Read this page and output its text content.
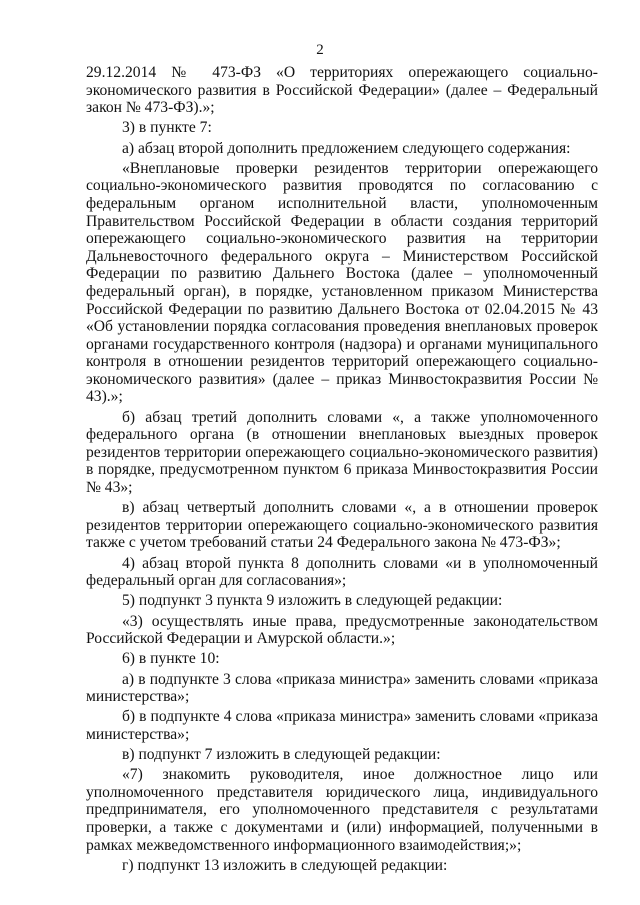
2

29.12.2014 № 473-ФЗ «О территориях опережающего социально-экономического развития в Российской Федерации» (далее – Федеральный закон № 473-ФЗ).»;

3) в пункте 7:

а) абзац второй дополнить предложением следующего содержания:

«Внеплановые проверки резидентов территории опережающего социально-экономического развития проводятся по согласованию с федеральным органом исполнительной власти, уполномоченным Правительством Российской Федерации в области создания территорий опережающего социально-экономического развития на территории Дальневосточного федерального округа – Министерством Российской Федерации по развитию Дальнего Востока (далее – уполномоченный федеральный орган), в порядке, установленном приказом Министерства Российской Федерации по развитию Дальнего Востока от 02.04.2015 № 43 «Об установлении порядка согласования проведения внеплановых проверок органами государственного контроля (надзора) и органами муниципального контроля в отношении резидентов территорий опережающего социально-экономического развития» (далее – приказ Минвостокразвития России № 43).»;

б) абзац третий дополнить словами «, а также уполномоченного федерального органа (в отношении внеплановых выездных проверок резидентов территории опережающего социально-экономического развития) в порядке, предусмотренном пунктом 6 приказа Минвостокразвития России № 43»;

в) абзац четвертый дополнить словами «, а в отношении проверок резидентов территории опережающего социально-экономического развития также с учетом требований статьи 24 Федерального закона № 473-ФЗ»;

4) абзац второй пункта 8 дополнить словами «и в уполномоченный федеральный орган для согласования»;

5) подпункт 3 пункта 9 изложить в следующей редакции:

«3) осуществлять иные права, предусмотренные законодательством Российской Федерации и Амурской области.»;

6) в пункте 10:

а) в подпункте 3 слова «приказа министра» заменить словами «приказа министерства»;

б) в подпункте 4 слова «приказа министра» заменить словами «приказа министерства»;

в) подпункт 7 изложить в следующей редакции:

«7) знакомить руководителя, иное должностное лицо или уполномоченного представителя юридического лица, индивидуального предпринимателя, его уполномоченного представителя с результатами проверки, а также с документами и (или) информацией, полученными в рамках межведомственного информационного взаимодействия;»;

г) подпункт 13 изложить в следующей редакции:
